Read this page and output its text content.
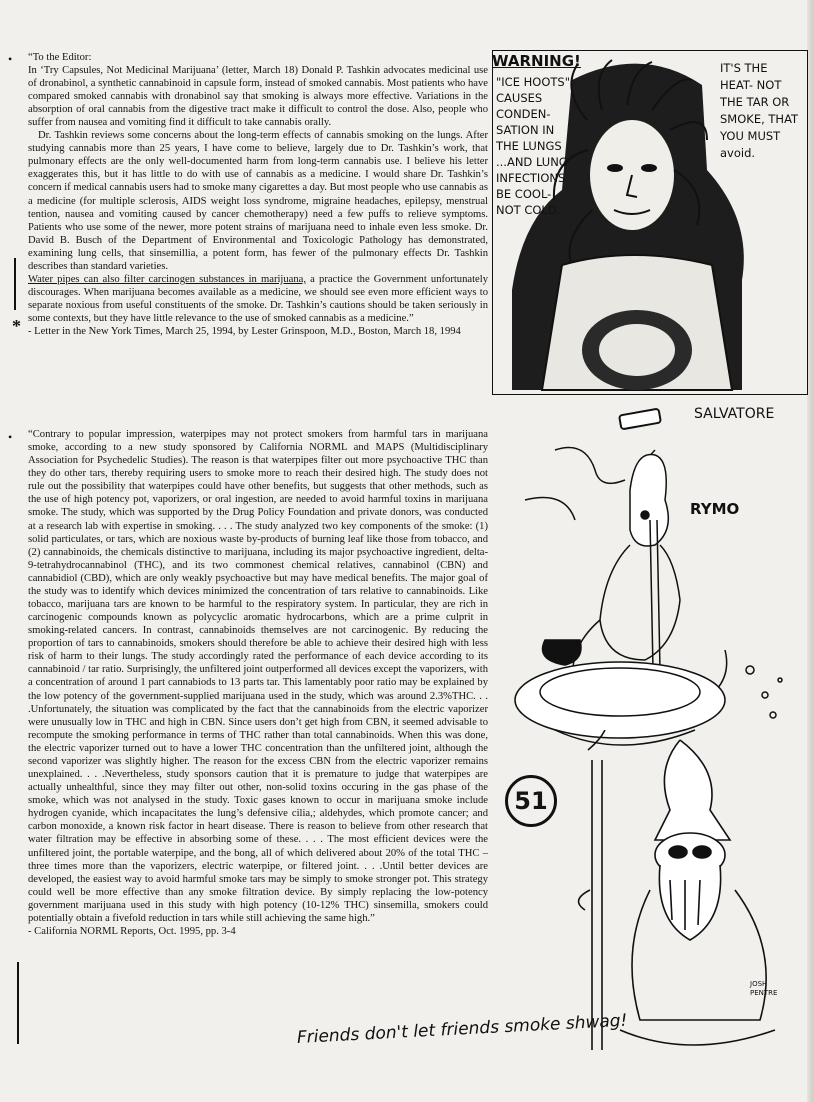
• “To the Editor:
In ‘Try Capsules, Not Medicinal Marijuana’ (letter, March 18) Donald P. Tashkin advocates medicinal use of dronabinol, a synthetic cannabinoid in capsule form, instead of smoked cannabis. Most patients who have compared smoked cannabis with dronabinol say that smoking is always more effective. Variations in the absorption of oral cannabis from the digestive tract make it difficult to control the dose. Also, people who suffer from nausea and vomiting find it difficult to take cannabis orally.
Dr. Tashkin reviews some concerns about the long-term effects of cannabis smoking on the lungs. After studying cannabis more than 25 years, I have come to believe, largely due to Dr. Tashkin’s work, that pulmonary effects are the only well-documented harm from long-term cannabis use. I believe his letter exaggerates this, but it has little to do with use of cannabis as a medicine. I would share Dr. Tashkin’s concern if medical cannabis users had to smoke many cigarettes a day. But most people who use cannabis as a medicine (for multiple sclerosis, AIDS weight loss syndrome, migraine headaches, epilepsy, menstrual tention, nausea and vomiting caused by cancer chemotherapy) need a few puffs to relieve symptoms. Patients who use some of the newer, more potent strains of marijuana need to inhale even less smoke. Dr. David B. Busch of the Department of Environmental and Toxicologic Pathology has demonstrated, examining lung cells, that sinsemillia, a potent form, has fewer of the pulmonary effects Dr. Tashkin describes than standard varieties.
Water pipes can also filter carcinogen substances in marijuana, a practice the Government unfortunately discourages. When marijuana becomes available as a medicine, we should see even more efficient ways to separate noxious from useful constituents of the smoke. Dr. Tashkin’s cautions should be taken seriously in some contexts, but they have little relevance to the use of smoked cannabis as a medicine.”
- Letter in the New York Times, March 25, 1994, by Lester Grinspoon, M.D., Boston, March 18, 1994
*
• “Contrary to popular impression, waterpipes may not protect smokers from harmful tars in marijuana smoke, according to a new study sponsored by California NORML and MAPS (Multidisciplinary Association for Psychedelic Studies). The reason is that waterpipes filter out more psychoactive THC than they do other tars, thereby requiring users to smoke more to reach their desired high. The study does not rule out the possibility that waterpipes could have other benefits, but suggests that other methods, such as the use of high potency pot, vaporizers, or oral ingestion, are needed to avoid harmful toxins in marijuana smoke. The study, which was supported by the Drug Policy Foundation and private donors, was conducted at a research lab with expertise in smoking. . . . The study analyzed two key components of the smoke: (1) solid particulates, or tars, which are noxious waste by-products of burning leaf like those from tobacco, and (2) cannabinoids, the chemicals distinctive to marijuana, including its major psychoactive ingredient, delta-9-tetrahydrocannabinol (THC), and its two commonest chemical relatives, cannabinol (CBN) and cannabidiol (CBD), which are only weakly psychoactive but may have medical benefits. The major goal of the study was to identify which devices minimized the concentration of tars relative to cannabinoids. Like tobacco, marijuana tars are known to be harmful to the respiratory system. In particular, they are rich in carcinogenic compounds known as polycyclic aromatic hydrocarbons, which are a prime culprit in smoking-related cancers. In contrast, cannabinoids themselves are not carcinogenic. By reducing the proportion of tars to cannabinoids, smokers should therefore be able to achieve their desired high with less risk of harm to their lungs. The study accordingly rated the performance of each device according to its cannabinoid / tar ratio. Surprisingly, the unfiltered joint outperformed all devices except the vaporizers, with a concentration of around 1 part cannabiods to 13 parts tar. This lamentably poor ratio may be explained by the low potency of the government-supplied marijuana used in the study, which was around 2.3%THC. . . .Unfortunately, the situation was complicated by the fact that the cannabinoids from the electric vaporizer were unusually low in THC and high in CBN. Since users don’t get high from CBN, it seemed advisable to recompute the smoking performance in terms of THC rather than total cannabinoids. When this was done, the electric vaporizer turned out to have a lower THC concentration than the unfiltered joint, although the second vaporizer was slightly higher. The reason for the excess CBN from the electric vaporizer remains unexplained. . . .Nevertheless, study sponsors caution that it is premature to judge that waterpipes are actually unhealthful, since they may filter out other, non-solid toxins occuring in the gas phase of the smoke, which was not analysed in the study. Toxic gases known to occur in marijuana smoke include hydrogen cyanide, which incapacitates the lung’s defensive cilia,; aldehydes, which promote cancer; and carbon monoxide, a known risk factor in heart disease. There is reason to believe from other research that water filtration may be effective in absorbing some of these. . . . The most efficient devices were the unfiltered joint, the portable waterpipe, and the bong, all of which delivered about 20% of the total THC – three times more than the vaporizers, electric waterpipe, or filtered joint. . . .Until better devices are developed, the easiest way to avoid harmful smoke tars may be simply to smoke stronger pot. This strategy could well be more effective than any smoke filtration device. By simply replacing the low-potency government marijuana used in this study with high potency (10-12% THC) sinsemilla, smokers could potentially obtain a fivefold reduction in tars while still achieving the same high.”
- California NORML Reports, Oct. 1995, pp. 3-4
WARNING!
"ICE HOOTS" CAUSES CONDEN- SATION IN THE LUNGS ...AND LUNG INFECTIONS BE COOL- NOT COLD.
IT'S THE HEAT- NOT THE TAR OR SMOKE, THAT YOU MUST avoid.
SALVATORE
RYMO
51
JOSH PENTRE
Friends don't let friends smoke shwag!
